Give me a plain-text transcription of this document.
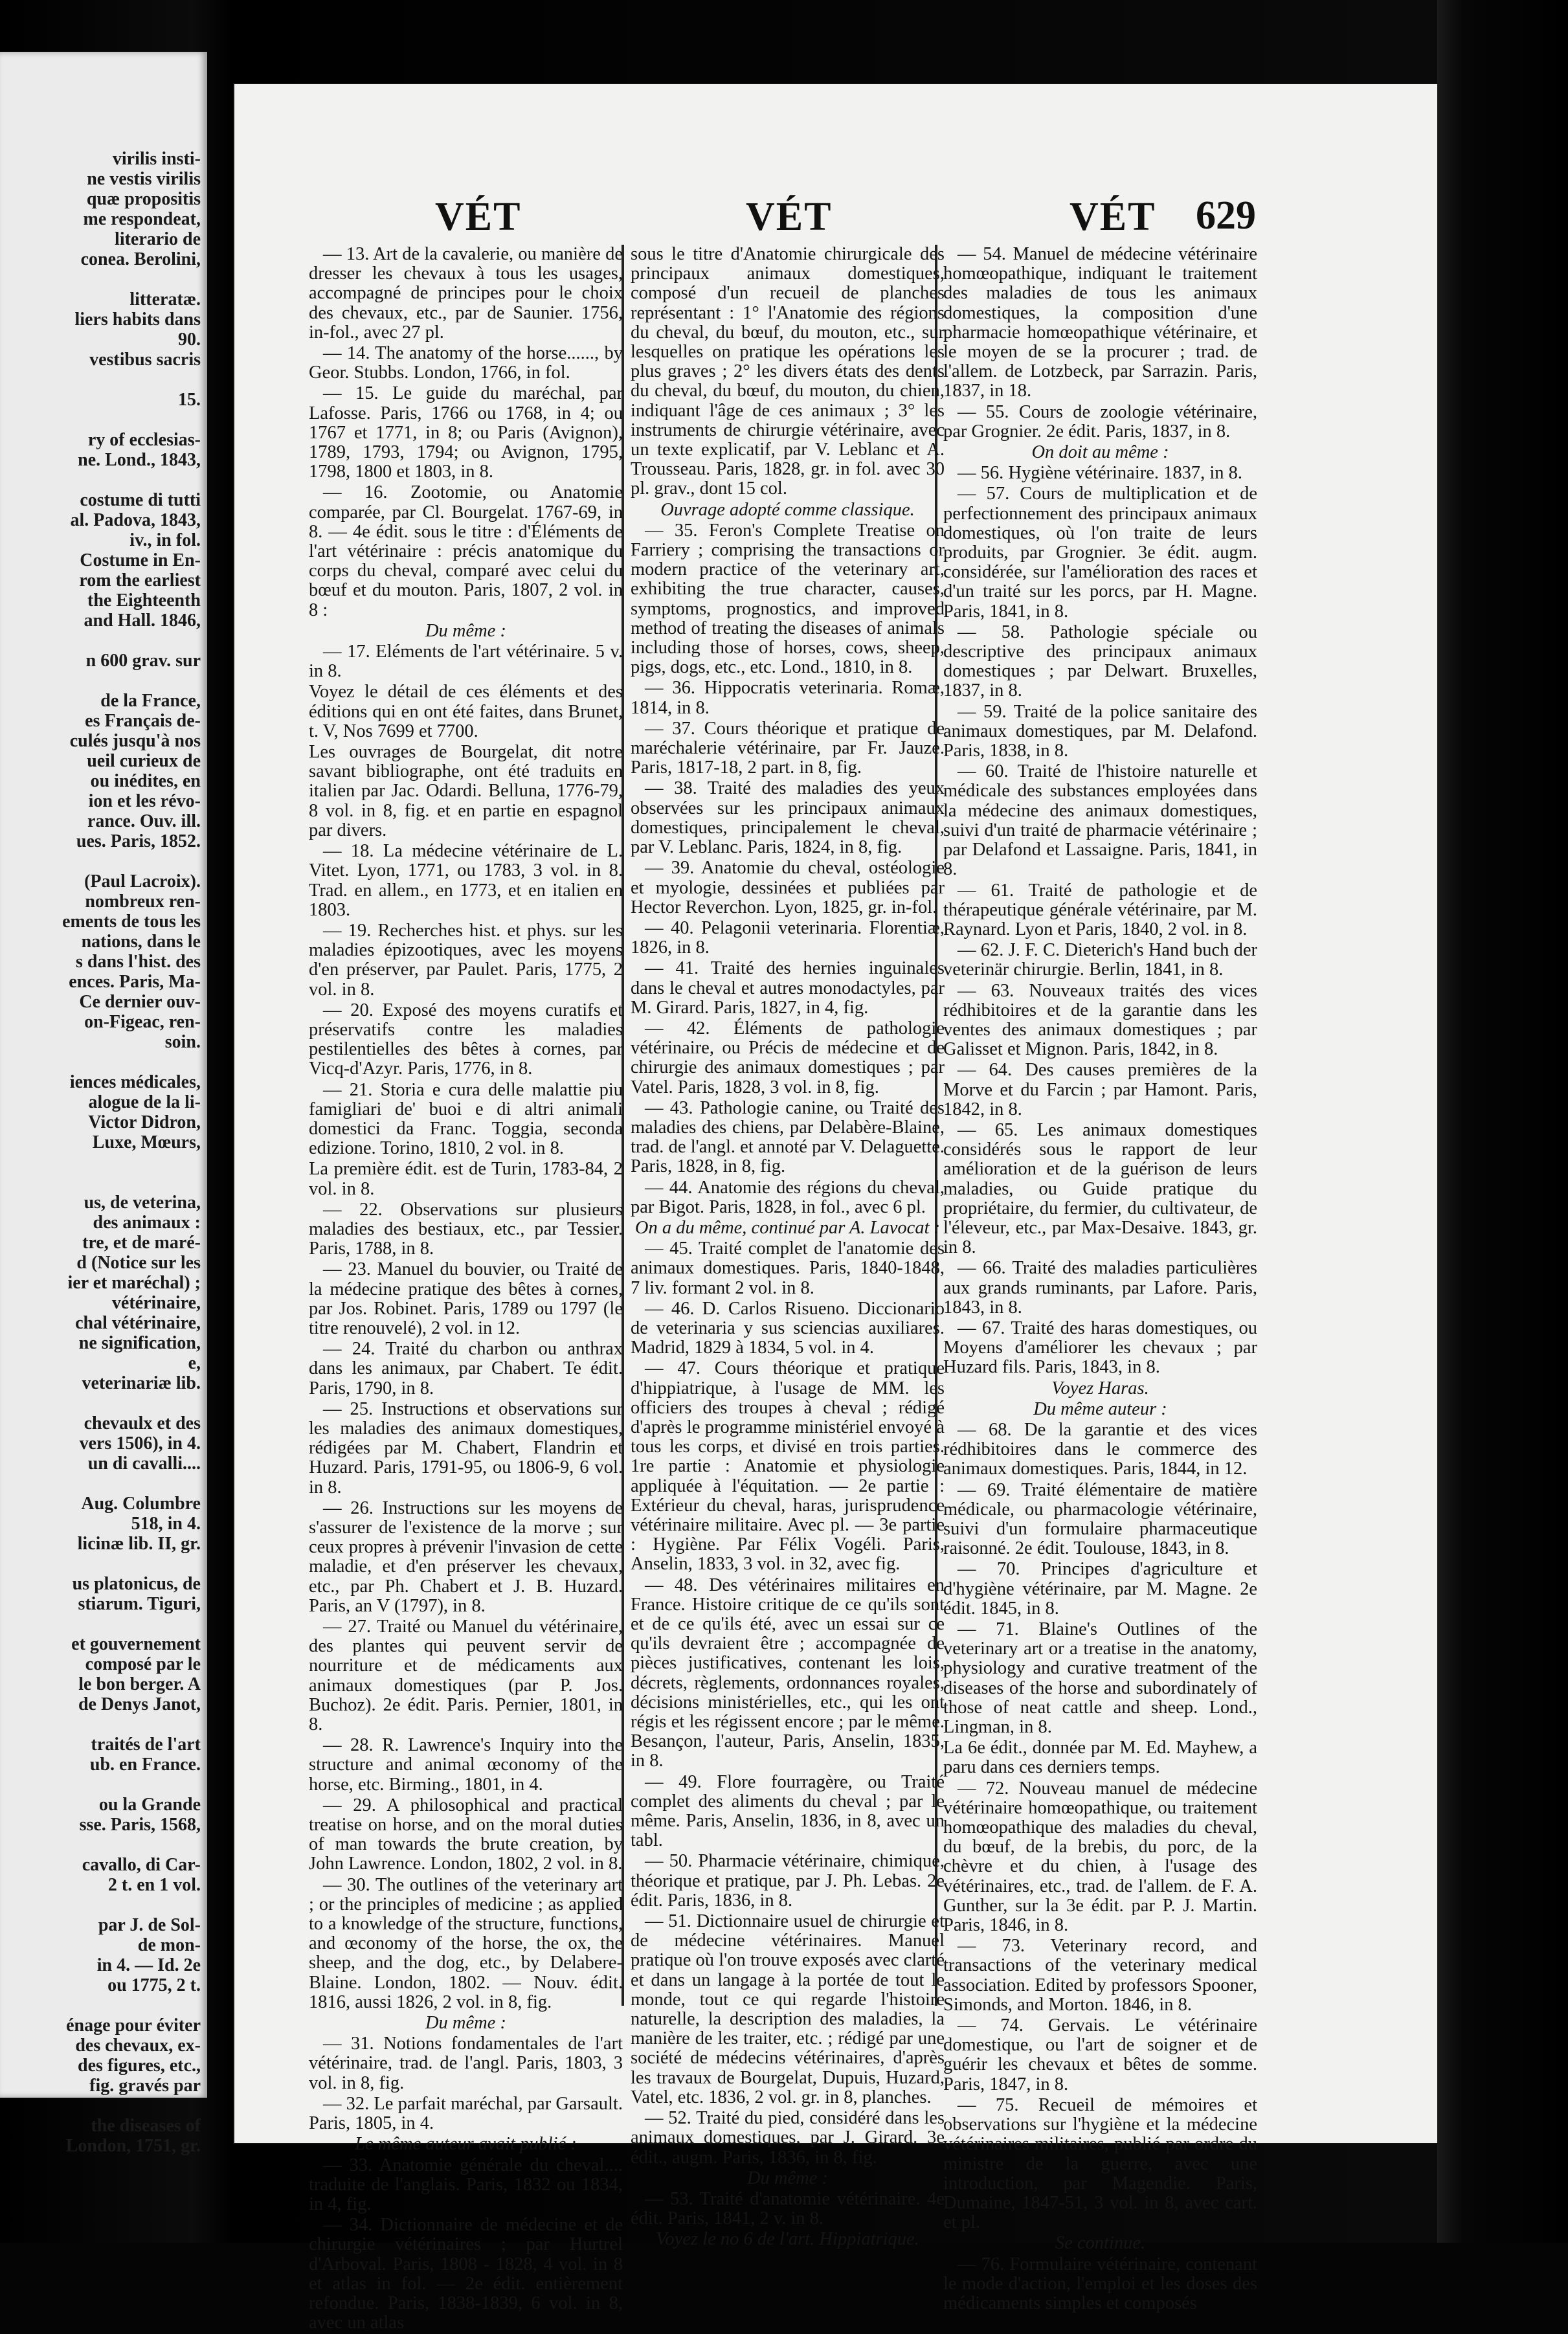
virilis insti-
ne vestis virilis
quæ propositis
me respondeat,
literario de
conea. Berolini,
litteratæ.
liers habits dans
90.
vestibus sacris
15.
ry of ecclesias-
ne. Lond., 1843,
costume di tutti
al. Padova, 1843,
iv., in fol.
Costume in En-
rom the earliest
the Eighteenth
and Hall. 1846,
n 600 grav. sur
de la France,
es Français de-
culés jusqu'à nos
ueil curieux de
ou inédites, en
ion et les révo-
rance. Ouv. ill.
ues. Paris, 1852.
(Paul Lacroix).
nombreux ren-
ements de tous les
nations, dans le
s dans l'hist. des
ences. Paris, Ma-
Ce dernier ouv-
on-Figeac, ren-
soin.
iences médicales,
alogue de la li-
Victor Didron,
Luxe, Mœurs,
us, de veterina,
des animaux :
tre, et de maré-
d (Notice sur les
ier et maréchal) ;
vétérinaire,
chal vétérinaire,
ne signification,
e,
veterinariæ lib.
chevaulx et des
vers 1506), in 4.
un di cavalli....
Aug. Columbre
518, in 4.
licinæ lib. II, gr.
us platonicus, de
stiarum. Tiguri,
et gouvernement
composé par le
le bon berger. A
de Denys Janot,
traités de l'art
ub. en France.
ou la Grande
sse. Paris, 1568,
cavallo, di Car-
2 t. en 1 vol.
par J. de Sol-
de mon-
in 4. — Id. 2e
ou 1775, 2 t.
énage pour éviter
des chevaux, ex-
des figures, etc.,
fig. gravés par
the diseases of
London, 1751, gr.
VÉT	VÉT	VÉT 629

— 13. Art de la cavalerie, ou manière de dresser les chevaux à tous les usages, accompagné de principes pour le choix des chevaux, etc., par de Saunier. 1756, in-fol., avec 27 pl.

— 14. The anatomy of the horse......, by Geor. Stubbs. London, 1766, in fol.

— 15. Le guide du maréchal, par Lafosse. Paris, 1766 ou 1768, in 4; ou 1767 et 1771, in 8; ou Paris (Avignon), 1789, 1793, 1794; ou Avignon, 1795, 1798, 1800 et 1803, in 8.

— 16. Zootomie, ou Anatomie comparée, par Cl. Bourgelat. 1767-69, in 8. — 4e édit. sous le titre : d'Éléments de l'art vétérinaire : précis anatomique du corps du cheval, comparé avec celui du bœuf et du mouton. Paris, 1807, 2 vol. in 8 :

Du même :

— 17. Eléments de l'art vétérinaire. 5 v. in 8.

Voyez le détail de ces éléments et des éditions qui en ont été faites, dans Brunet, t. V, Nos 7699 et 7700.

Les ouvrages de Bourgelat, dit notre savant bibliographe, ont été traduits en italien par Jac. Odardi. Belluna, 1776-79, 8 vol. in 8, fig. et en partie en espagnol par divers.

— 18. La médecine vétérinaire de L. Vitet. Lyon, 1771, ou 1783, 3 vol. in 8. Trad. en allem., en 1773, et en italien en 1803.

— 19. Recherches hist. et phys. sur les maladies épizootiques, avec les moyens d'en préserver, par Paulet. Paris, 1775, 2 vol. in 8.

— 20. Exposé des moyens curatifs et préservatifs contre les maladies pestilentielles des bêtes à cornes, par Vicq-d'Azyr. Paris, 1776, in 8.

— 21. Storia e cura delle malattie piu famigliari de' buoi e di altri animali domestici da Franc. Toggia, seconda edizione. Torino, 1810, 2 vol. in 8.

La première édit. est de Turin, 1783-84, 2 vol. in 8.

— 22. Observations sur plusieurs maladies des bestiaux, etc., par Tessier. Paris, 1788, in 8.

— 23. Manuel du bouvier, ou Traité de la médecine pratique des bêtes à cornes, par Jos. Robinet. Paris, 1789 ou 1797 (le titre renouvelé), 2 vol. in 12.

— 24. Traité du charbon ou anthrax dans les animaux, par Chabert. Te édit. Paris, 1790, in 8.

— 25. Instructions et observations sur les maladies des animaux domestiques, rédigées par M. Chabert, Flandrin et Huzard. Paris, 1791-95, ou 1806-9, 6 vol. in 8.

— 26. Instructions sur les moyens de s'assurer de l'existence de la morve ; sur ceux propres à prévenir l'invasion de cette maladie, et d'en préserver les chevaux, etc., par Ph. Chabert et J. B. Huzard. Paris, an V (1797), in 8.

— 27. Traité ou Manuel du vétérinaire, des plantes qui peuvent servir de nourriture et de médicaments aux animaux domestiques (par P. Jos. Buchoz). 2e édit. Paris. Pernier, 1801, in 8.

— 28. R. Lawrence's Inquiry into the structure and animal œconomy of the horse, etc. Birming., 1801, in 4.

— 29. A philosophical and practical treatise on horse, and on the moral duties of man towards the brute creation, by John Lawrence. London, 1802, 2 vol. in 8.

— 30. The outlines of the veterinary art ; or the principles of medicine ; as applied to a knowledge of the structure, functions, and œconomy of the horse, the ox, the sheep, and the dog, etc., by Delabere-Blaine. London, 1802. — Nouv. édit. 1816, aussi 1826, 2 vol. in 8, fig.

Du même :

— 31. Notions fondamentales de l'art vétérinaire, trad. de l'angl. Paris, 1803, 3 vol. in 8, fig.

— 32. Le parfait maréchal, par Garsault. Paris, 1805, in 4.

Le même auteur avait publié :

— 33. Anatomie générale du cheval.... traduite de l'anglais. Paris, 1832 ou 1834, in 4, fig.

— 34. Dictionnaire de médecine et de chirurgie vétérinaires ; par Hurtrel d'Arboval. Paris, 1808 - 1828, 4 vol. in 8 et atlas in fol. — 2e édit. entièrement refondue. Paris, 1838-1839, 6 vol. in 8, avec un atlas

sous le titre d'Anatomie chirurgicale des principaux animaux domestiques, composé d'un recueil de planches représentant : 1° l'Anatomie des régions du cheval, du bœuf, du mouton, etc., sur lesquelles on pratique les opérations les plus graves ; 2° les divers états des dents du cheval, du bœuf, du mouton, du chien, indiquant l'âge de ces animaux ; 3° les instruments de chirurgie vétérinaire, avec un texte explicatif, par V. Leblanc et A. Trousseau. Paris, 1828, gr. in fol. avec 30 pl. grav., dont 15 col.

Ouvrage adopté comme classique.

— 35. Feron's Complete Treatise on Farriery ; comprising the transactions or modern practice of the veterinary art, exhibiting the true character, causes, symptoms, prognostics, and improved method of treating the diseases of animals including those of horses, cows, sheep, pigs, dogs, etc., etc. Lond., 1810, in 8.

— 36. Hippocratis veterinaria. Romæ, 1814, in 8.

— 37. Cours théorique et pratique de maréchalerie vétérinaire, par Fr. Jauze. Paris, 1817-18, 2 part. in 8, fig.

— 38. Traité des maladies des yeux observées sur les principaux animaux domestiques, principalement le cheval, par V. Leblanc. Paris, 1824, in 8, fig.

— 39. Anatomie du cheval, ostéologie et myologie, dessinées et publiées par Hector Reverchon. Lyon, 1825, gr. in-fol.

— 40. Pelagonii veterinaria. Florentiæ, 1826, in 8.

— 41. Traité des hernies inguinales dans le cheval et autres monodactyles, par M. Girard. Paris, 1827, in 4, fig.

— 42. Éléments de pathologie vétérinaire, ou Précis de médecine et de chirurgie des animaux domestiques ; par Vatel. Paris, 1828, 3 vol. in 8, fig.

— 43. Pathologie canine, ou Traité des maladies des chiens, par Delabère-Blaine, trad. de l'angl. et annoté par V. Delaguette. Paris, 1828, in 8, fig.

— 44. Anatomie des régions du cheval, par Bigot. Paris, 1828, in fol., avec 6 pl.

On a du même, continué par A. Lavocat :

— 45. Traité complet de l'anatomie des animaux domestiques. Paris, 1840-1848, 7 liv. formant 2 vol. in 8.

— 46. D. Carlos Risueno. Diccionario de veterinaria y sus sciencias auxiliares. Madrid, 1829 à 1834, 5 vol. in 4.

— 47. Cours théorique et pratique d'hippiatrique, à l'usage de MM. les officiers des troupes à cheval ; rédigé d'après le programme ministériel envoyé à tous les corps, et divisé en trois parties. 1re partie : Anatomie et physiologie appliquée à l'équitation. — 2e partie : Extérieur du cheval, haras, jurisprudence vétérinaire militaire. Avec pl. — 3e partie : Hygiène. Par Félix Vogéli. Paris, Anselin, 1833, 3 vol. in 32, avec fig.

— 48. Des vétérinaires militaires en France. Histoire critique de ce qu'ils sont et de ce qu'ils été, avec un essai sur ce qu'ils devraient être ; accompagnée de pièces justificatives, contenant les lois, décrets, règlements, ordonnances royales, décisions ministérielles, etc., qui les ont régis et les régissent encore ; par le même. Besançon, l'auteur, Paris, Anselin, 1835, in 8.

— 49. Flore fourragère, ou Traité complet des aliments du cheval ; par le même. Paris, Anselin, 1836, in 8, avec un tabl.

— 50. Pharmacie vétérinaire, chimique, théorique et pratique, par J. Ph. Lebas. 2e édit. Paris, 1836, in 8.

— 51. Dictionnaire usuel de chirurgie et de médecine vétérinaires. Manuel pratique où l'on trouve exposés avec clarté et dans un langage à la portée de tout le monde, tout ce qui regarde l'histoire naturelle, la description des maladies, la manière de les traiter, etc. ; rédigé par une société de médecins vétérinaires, d'après les travaux de Bourgelat, Dupuis, Huzard, Vatel, etc. 1836, 2 vol. gr. in 8, planches.

— 52. Traité du pied, considéré dans les animaux domestiques, par J. Girard. 3e édit., augm. Paris, 1836, in 8, fig.

Du même :

— 53. Traité d'anatomie vétérinaire. 4e édit. Paris, 1841, 2 v. in 8.

Voyez le no 6 de l'art. Hippiatrique.

— 54. Manuel de médecine vétérinaire homœopathique, indiquant le traitement des maladies de tous les animaux domestiques, la composition d'une pharmacie homœopathique vétérinaire, et le moyen de se la procurer ; trad. de l'allem. de Lotzbeck, par Sarrazin. Paris, 1837, in 18.

— 55. Cours de zoologie vétérinaire, par Grognier. 2e édit. Paris, 1837, in 8.

On doit au même :

— 56. Hygiène vétérinaire. 1837, in 8.

— 57. Cours de multiplication et de perfectionnement des principaux animaux domestiques, où l'on traite de leurs produits, par Grognier. 3e édit. augm. considérée, sur l'amélioration des races et d'un traité sur les porcs, par H. Magne. Paris, 1841, in 8.

— 58. Pathologie spéciale ou descriptive des principaux animaux domestiques ; par Delwart. Bruxelles, 1837, in 8.

— 59. Traité de la police sanitaire des animaux domestiques, par M. Delafond. Paris, 1838, in 8.

— 60. Traité de l'histoire naturelle et médicale des substances employées dans la médecine des animaux domestiques, suivi d'un traité de pharmacie vétérinaire ; par Delafond et Lassaigne. Paris, 1841, in 8.

— 61. Traité de pathologie et de thérapeutique générale vétérinaire, par M. Raynard. Lyon et Paris, 1840, 2 vol. in 8.

— 62. J. F. C. Dieterich's Hand buch der veterinär chirurgie. Berlin, 1841, in 8.

— 63. Nouveaux traités des vices rédhibitoires et de la garantie dans les ventes des animaux domestiques ; par Galisset et Mignon. Paris, 1842, in 8.

— 64. Des causes premières de la Morve et du Farcin ; par Hamont. Paris, 1842, in 8.

— 65. Les animaux domestiques considérés sous le rapport de leur amélioration et de la guérison de leurs maladies, ou Guide pratique du propriétaire, du fermier, du cultivateur, de l'éleveur, etc., par Max-Desaive. 1843, gr. in 8.

— 66. Traité des maladies particulières aux grands ruminants, par Lafore. Paris, 1843, in 8.

— 67. Traité des haras domestiques, ou Moyens d'améliorer les chevaux ; par Huzard fils. Paris, 1843, in 8.

Voyez Haras.

Du même auteur :

— 68. De la garantie et des vices rédhibitoires dans le commerce des animaux domestiques. Paris, 1844, in 12.

— 69. Traité élémentaire de matière médicale, ou pharmacologie vétérinaire, suivi d'un formulaire pharmaceutique raisonné. 2e édit. Toulouse, 1843, in 8.

— 70. Principes d'agriculture et d'hygiène vétérinaire, par M. Magne. 2e édit. 1845, in 8.

— 71. Blaine's Outlines of the veterinary art or a treatise in the anatomy, physiology and curative treatment of the diseases of the horse and subordinately of those of neat cattle and sheep. Lond., Lingman, in 8.

La 6e édit., donnée par M. Ed. Mayhew, a paru dans ces derniers temps.

— 72. Nouveau manuel de médecine vétérinaire homœopathique, ou traitement homœopathique des maladies du cheval, du bœuf, de la brebis, du porc, de la chèvre et du chien, à l'usage des vétérinaires, etc., trad. de l'allem. de F. A. Gunther, sur la 3e édit. par P. J. Martin. Paris, 1846, in 8.

— 73. Veterinary record, and transactions of the veterinary medical association. Edited by professors Spooner, Simonds, and Morton. 1846, in 8.

— 74. Gervais. Le vétérinaire domestique, ou l'art de soigner et de guérir les chevaux et bêtes de somme. Paris, 1847, in 8.

— 75. Recueil de mémoires et observations sur l'hygiène et la médecine vétérinaires militaires, publié par ordre du ministre de la guerre, avec une introduction, par Magendie. Paris, Dumaine, 1847-51, 3 vol. in 8, avec cart. et pl.

Se continue.

— 76. Formulaire vétérinaire, contenant le mode d'action, l'emploi et les doses des médicaments simples et composés
